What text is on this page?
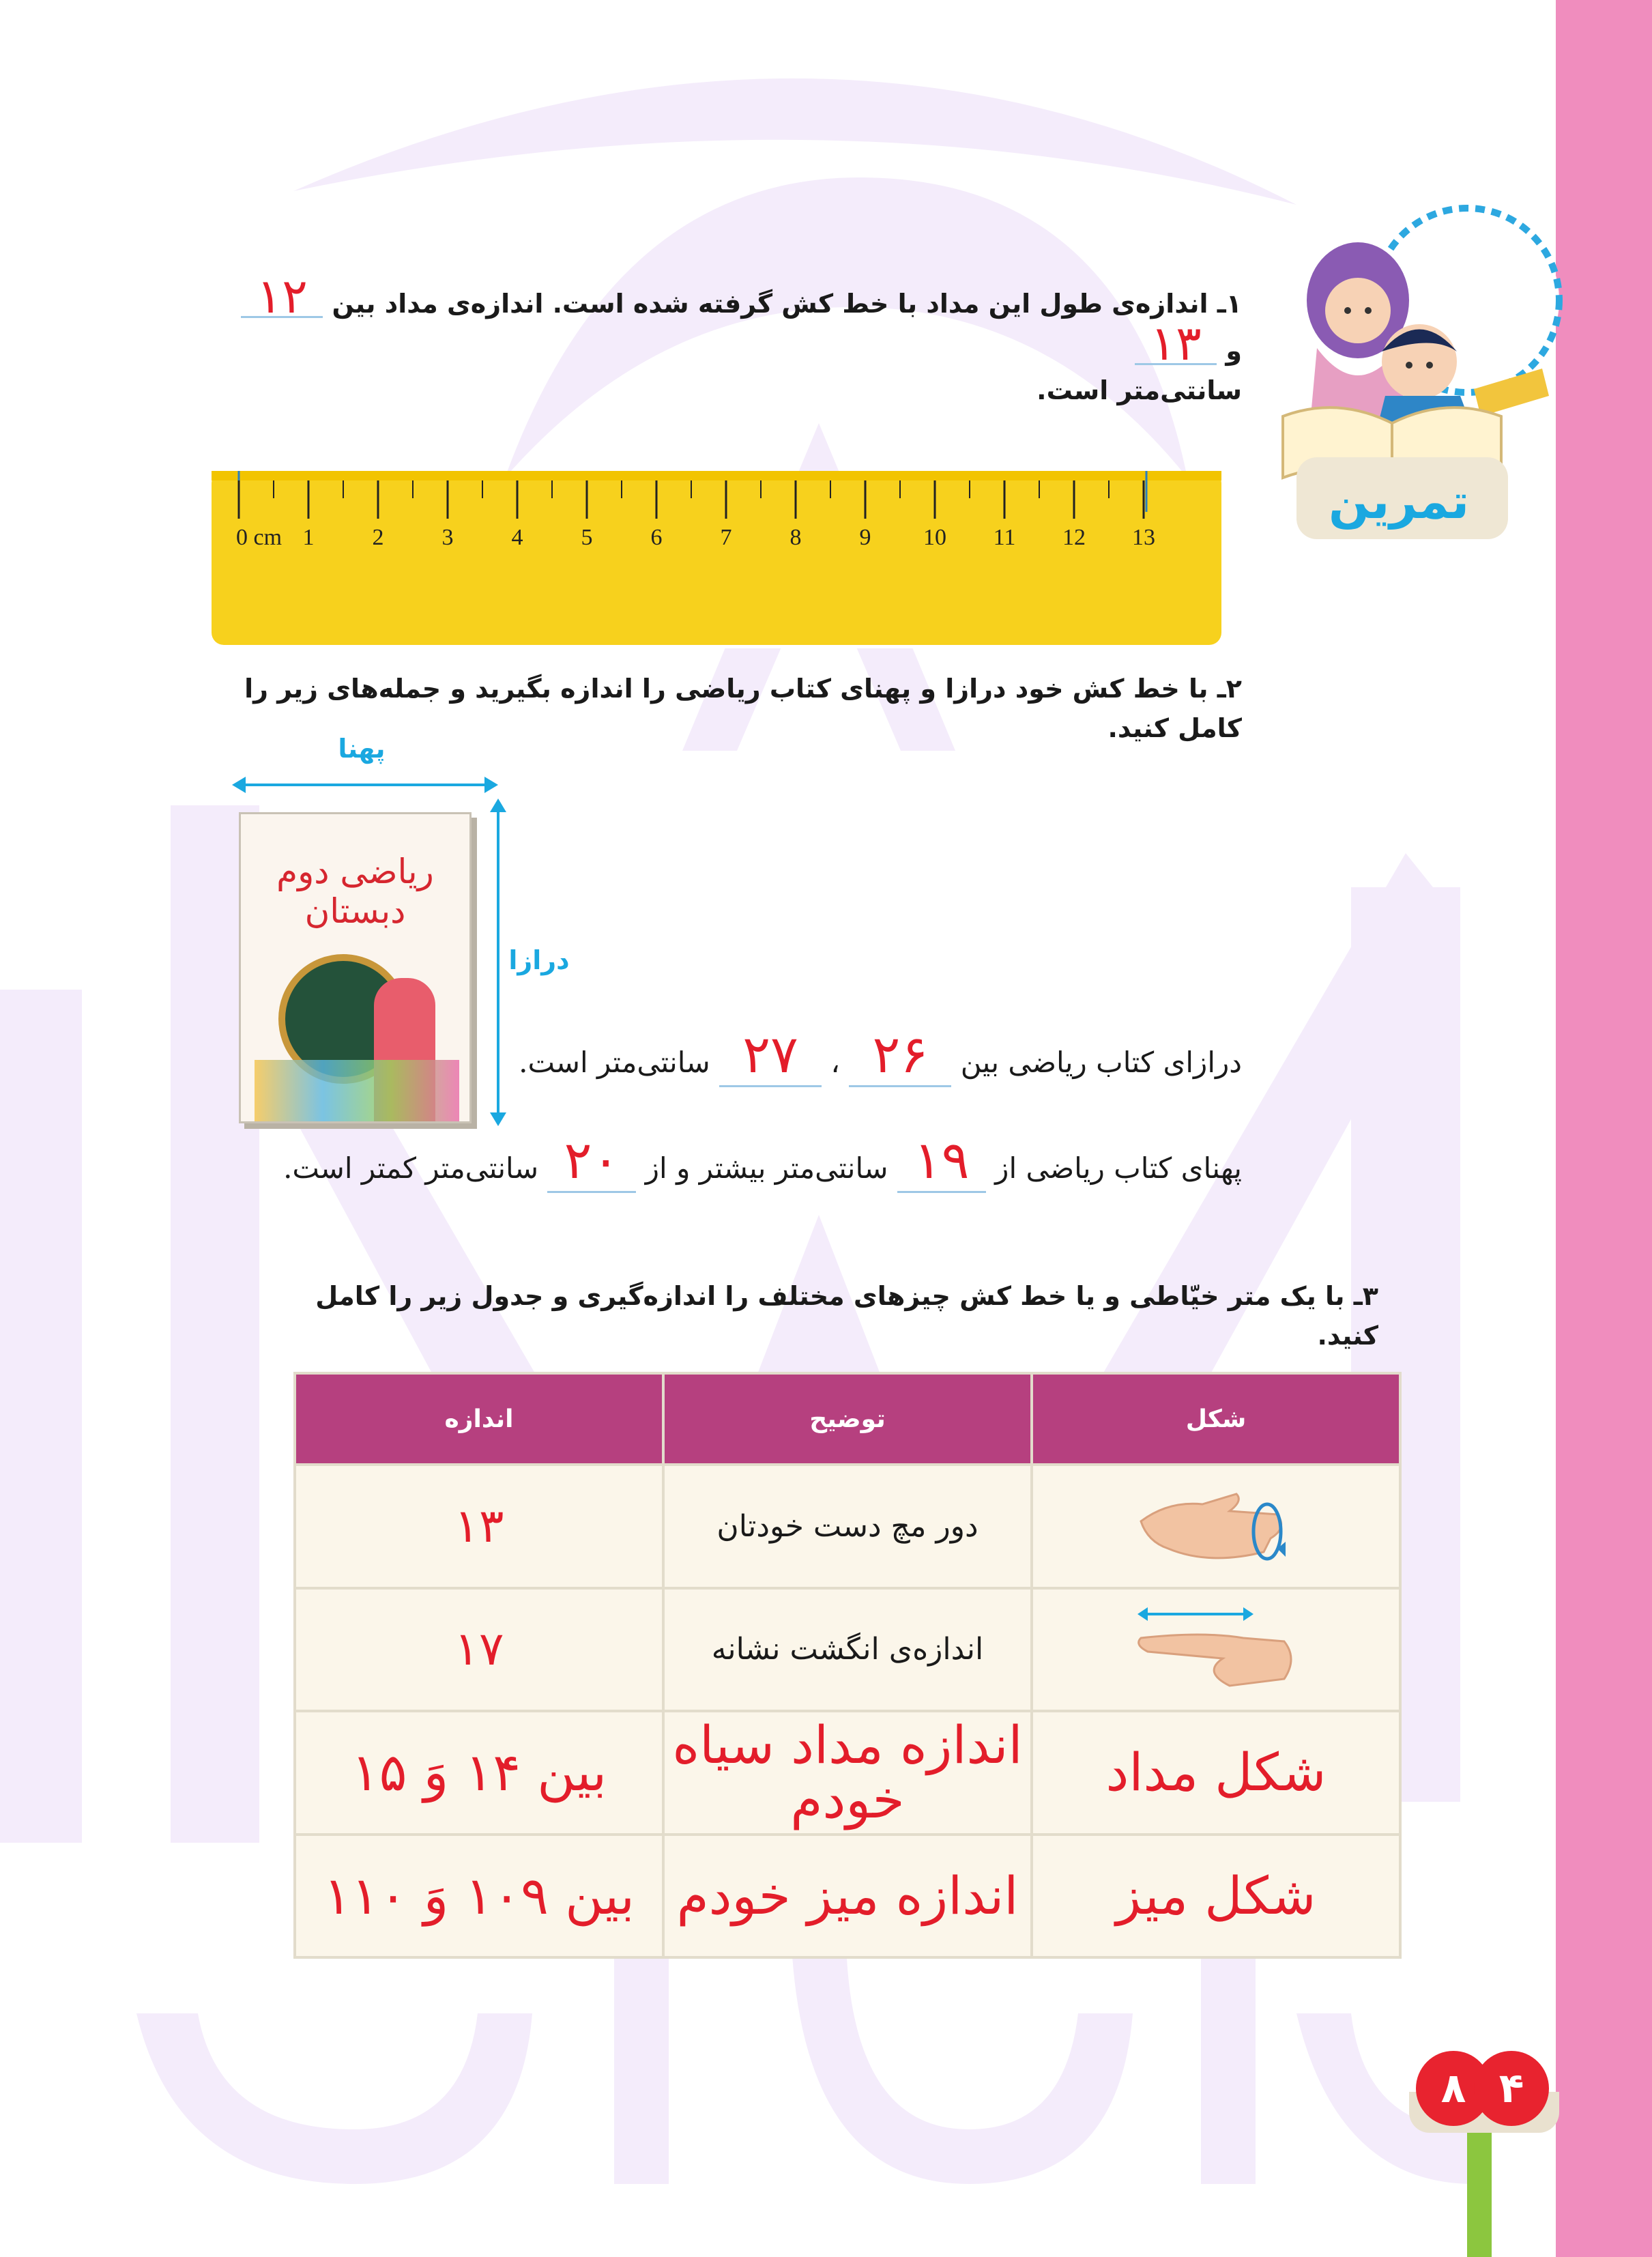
تمرین
۱ـ اندازه‌ی طول این مداد با خط کش گرفته شده است. اندازه‌ی مداد بین ۱۲ و ۱۳
سانتی‌متر است.
0 cm 1	2	3	4	5	6	7	8	9 10 11 12 13
۲ـ با خط کش خود درازا و پهنای کتاب ریاضی را اندازه بگیرید و جمله‌های زیر را کامل کنید.
پهنا
درازا
ریاضی دوم دبستان
درازای کتاب ریاضی بین ۲۶ ، ۲۷ سانتی‌متر است.
پهنای کتاب ریاضی از ۱۹ سانتی‌متر بیشتر و از ۲۰ سانتی‌متر کمتر است.
۳ـ با یک متر خیّاطی و یا خط کش چیزهای مختلف را اندازه‌گیری و جدول زیر را کامل کنید.
شکل	توضیح	اندازه
	دور مچ دست خودتان	۱۳
	اندازه‌ی انگشت نشانه	۱۷
شکل مداد	اندازه مداد سیاه خودم	بین ۱۴ وَ ۱۵
شکل میز	اندازه میز خودم	بین ۱۰۹ وَ ۱۱۰
۸ ۴
